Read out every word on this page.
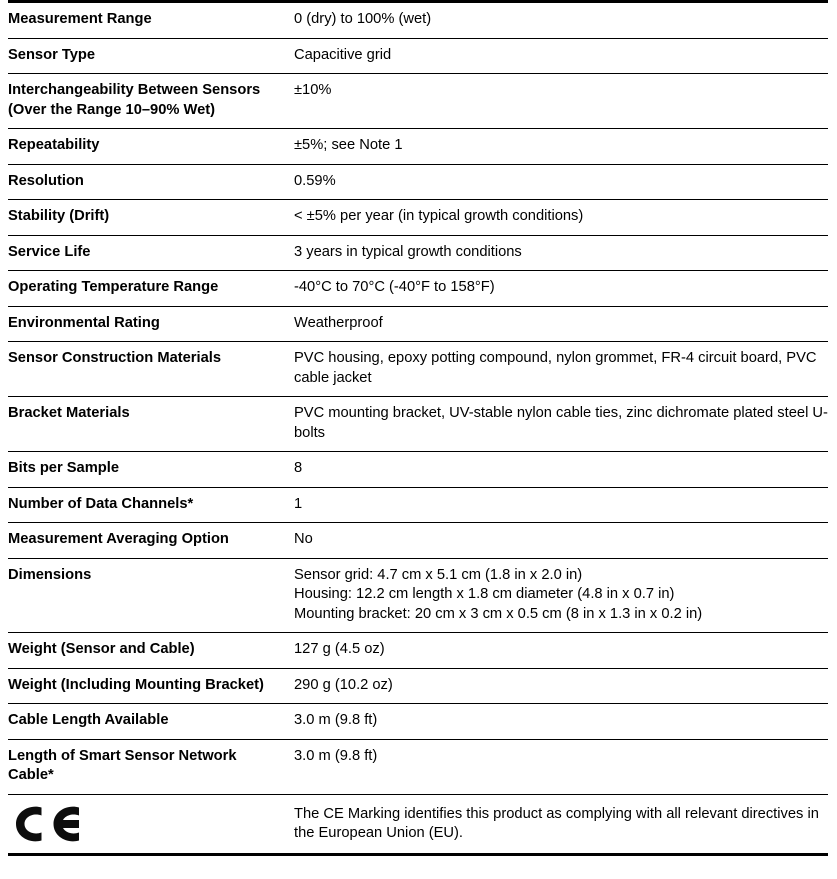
Measurement Range	0 (dry) to 100% (wet)

Sensor Type	Capacitive grid

Interchangeability Between Sensors (Over the Range 10–90% Wet)	±10%

Repeatability	±5%; see Note 1

Resolution	0.59%

Stability (Drift)	< ±5% per year (in typical growth conditions)

Service Life	3 years in typical growth conditions

Operating Temperature Range	-40°C to 70°C (-40°F to 158°F)

Environmental Rating	Weatherproof

Sensor Construction Materials	PVC housing, epoxy potting compound, nylon grommet, FR-4 circuit board, PVC cable jacket

Bracket Materials	PVC mounting bracket, UV-stable nylon cable ties, zinc dichromate plated steel U-bolts

Bits per Sample	8

Number of Data Channels*	1

Measurement Averaging Option	No

Dimensions	Sensor grid: 4.7 cm x 5.1 cm (1.8 in x 2.0 in)
Housing: 12.2 cm length x 1.8 cm diameter (4.8 in x 0.7 in)
Mounting bracket: 20 cm x 3 cm x 0.5 cm (8 in x 1.3 in x 0.2 in)

Weight (Sensor and Cable)	127 g (4.5 oz)

Weight (Including Mounting Bracket)	290 g (10.2 oz)

Cable Length Available	3.0 m (9.8 ft)

Length of Smart Sensor Network Cable*	3.0 m (9.8 ft)

The CE Marking identifies this product as complying with all relevant directives in the European Union (EU).
